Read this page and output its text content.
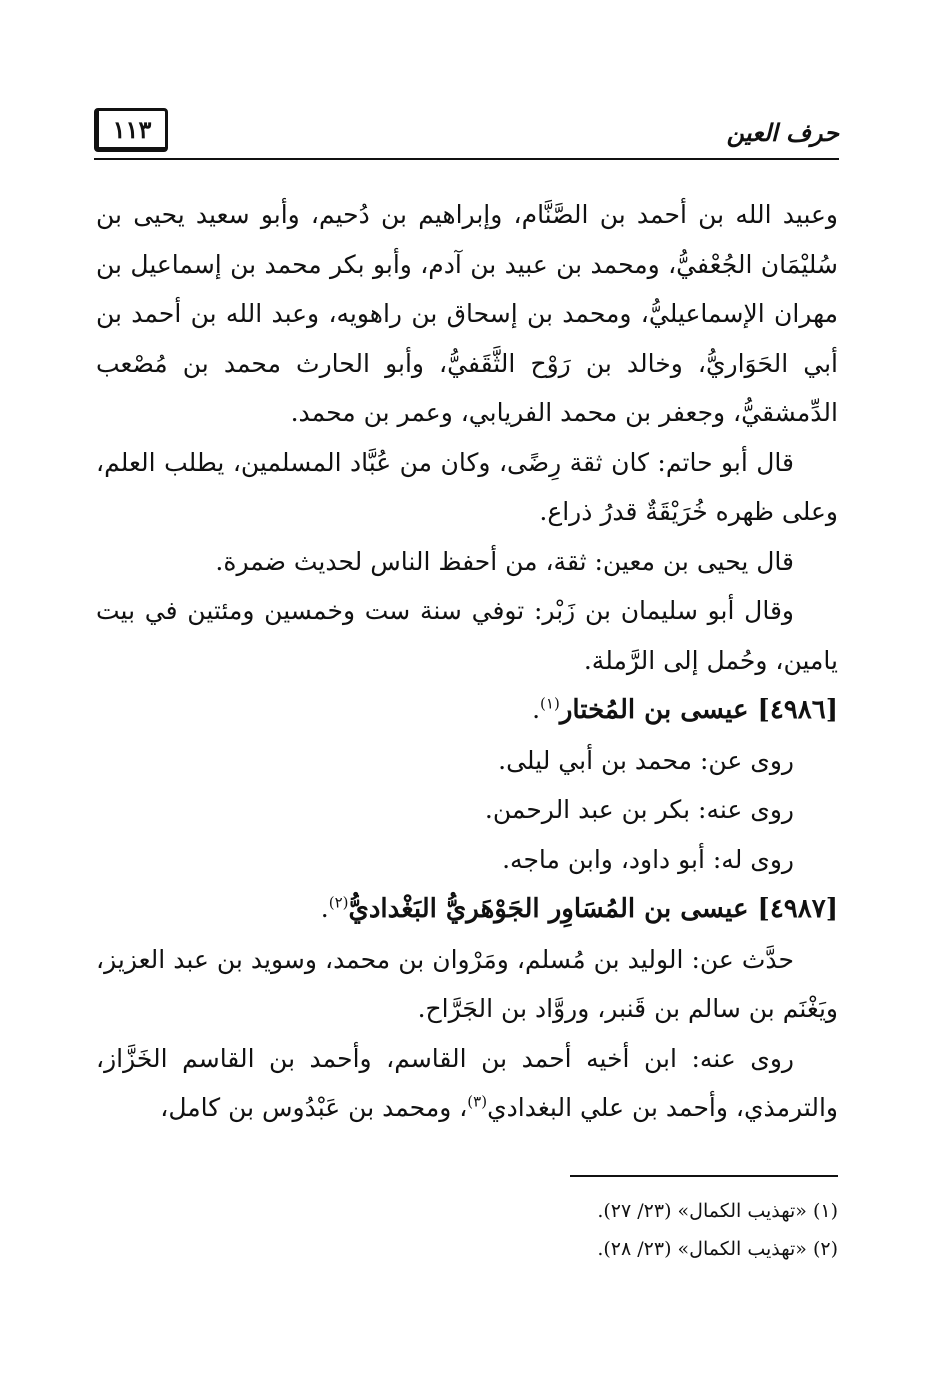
١١٣	حرف العين

وعبيد الله بن أحمد بن الصَّنَّام، وإبراهيم بن دُحيم، وأبو سعيد يحيى بن سُليْمَان الجُعْفيُّ، ومحمد بن عبيد بن آدم، وأبو بكر محمد بن إسماعيل بن مهران الإسماعيليُّ، ومحمد بن إسحاق بن راهويه، وعبد الله بن أحمد بن أبي الحَوَاريُّ، وخالد بن رَوْح الثَّقَفيُّ، وأبو الحارث محمد بن مُصْعب الدِّمشقيُّ، وجعفر بن محمد الفريابي، وعمر بن محمد.

قال أبو حاتم: كان ثقة رِضًى، وكان من عُبَّاد المسلمين، يطلب العلم، وعلى ظهره خُرَيْقَةٌ قدرُ ذراع.

قال يحيى بن معين: ثقة، من أحفظ الناس لحديث ضمرة.

وقال أبو سليمان بن زَبْر: توفي سنة ست وخمسين ومئتين في بيت يامين، وحُمل إلى الرَّملة.

[٤٩٨٦] عيسى بن المُختار$^{(١)}$.

روى عن: محمد بن أبي ليلى.

روى عنه: بكر بن عبد الرحمن.

روى له: أبو داود، وابن ماجه.

[٤٩٨٧] عيسى بن المُسَاوِر الجَوْهَريُّ البَغْداديُّ$^{(٢)}$.

حدَّث عن: الوليد بن مُسلم، ومَرْوان بن محمد، وسويد بن عبد العزيز، ويَغْنَم بن سالم بن قَنبر، وروَّاد بن الجَرَّاح.

روى عنه: ابن أخيه أحمد بن القاسم، وأحمد بن القاسم الخَزَّاز، والترمذي، وأحمد بن علي البغدادي$^{(٣)}$، ومحمد بن عَبْدُوس بن كامل،

(١) «تهذيب الكمال» (٢٣/ ٢٧).

(٢) «تهذيب الكمال» (٢٣/ ٢٨).
